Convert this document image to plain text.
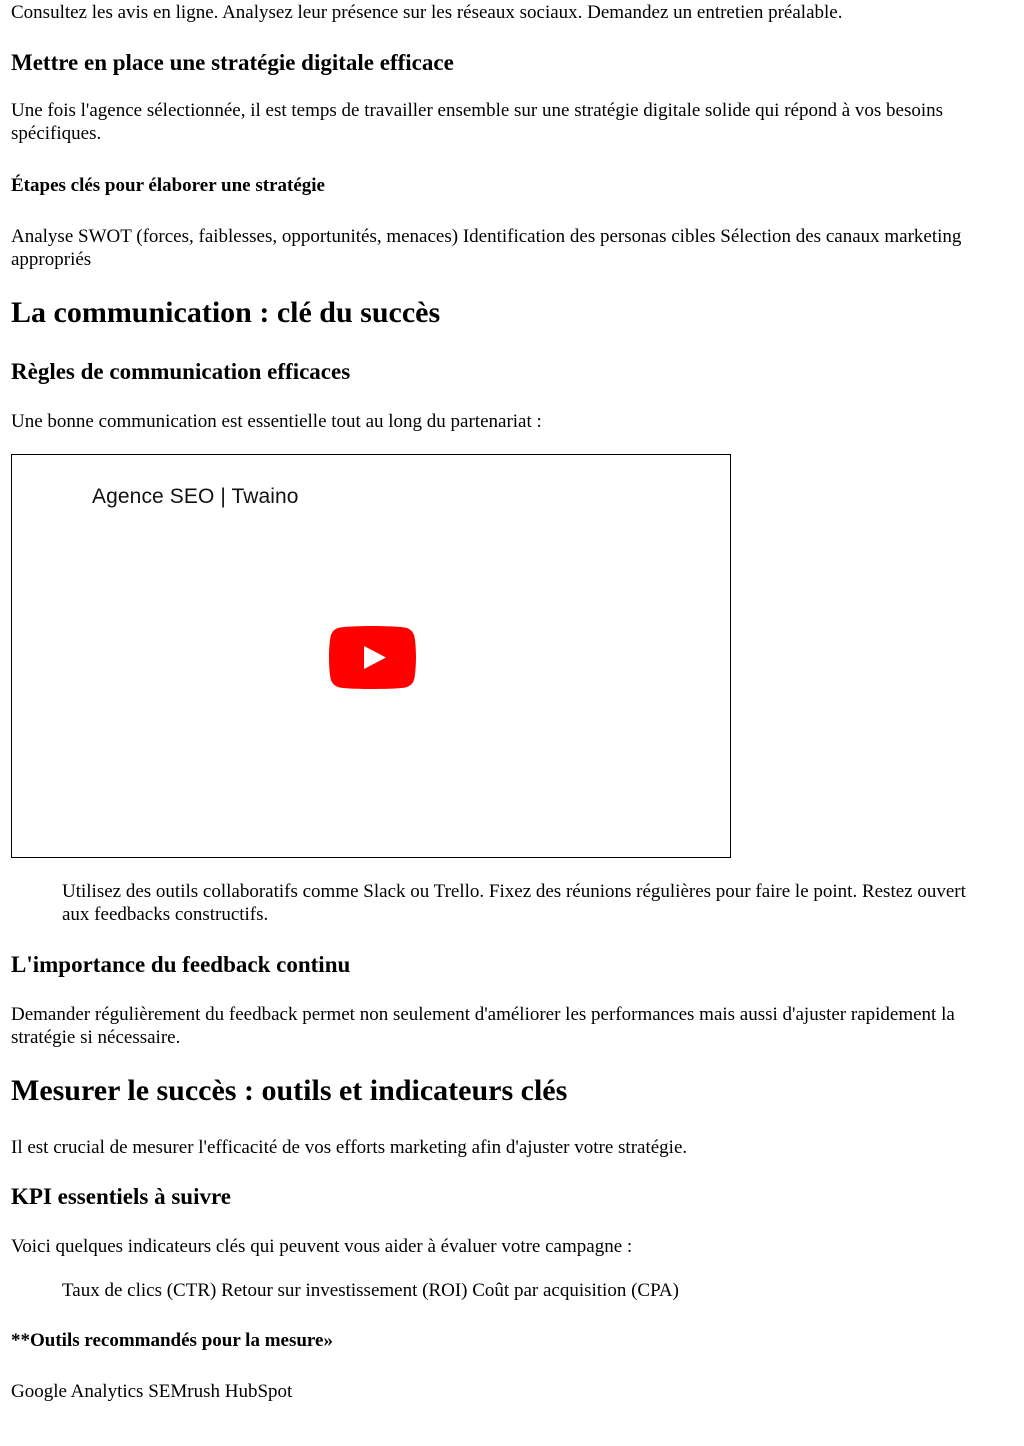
Consultez les avis en ligne. Analysez leur présence sur les réseaux sociaux. Demandez un entretien préalable.

Mettre en place une stratégie digitale efficace

Une fois l'agence sélectionnée, il est temps de travailler ensemble sur une stratégie digitale solide qui répond à vos besoins spécifiques.

Étapes clés pour élaborer une stratégie

Analyse SWOT (forces, faiblesses, opportunités, menaces) Identification des personas cibles Sélection des canaux marketing appropriés

La communication : clé du succès
Règles de communication efficaces

Une bonne communication est essentielle tout au long du partenariat :

Agence SEO | Twaino
Utilisez des outils collaboratifs comme Slack ou Trello. Fixez des réunions régulières pour faire le point. Restez ouvert aux feedbacks constructifs.
L'importance du feedback continu

Demander régulièrement du feedback permet non seulement d'améliorer les performances mais aussi d'ajuster rapidement la stratégie si nécessaire.

Mesurer le succès : outils et indicateurs clés

Il est crucial de mesurer l'efficacité de vos efforts marketing afin d'ajuster votre stratégie.

KPI essentiels à suivre

Voici quelques indicateurs clés qui peuvent vous aider à évaluer votre campagne :

Taux de clics (CTR) Retour sur investissement (ROI) Coût par acquisition (CPA)
**Outils recommandés pour la mesure»

Google Analytics SEMrush HubSpot
